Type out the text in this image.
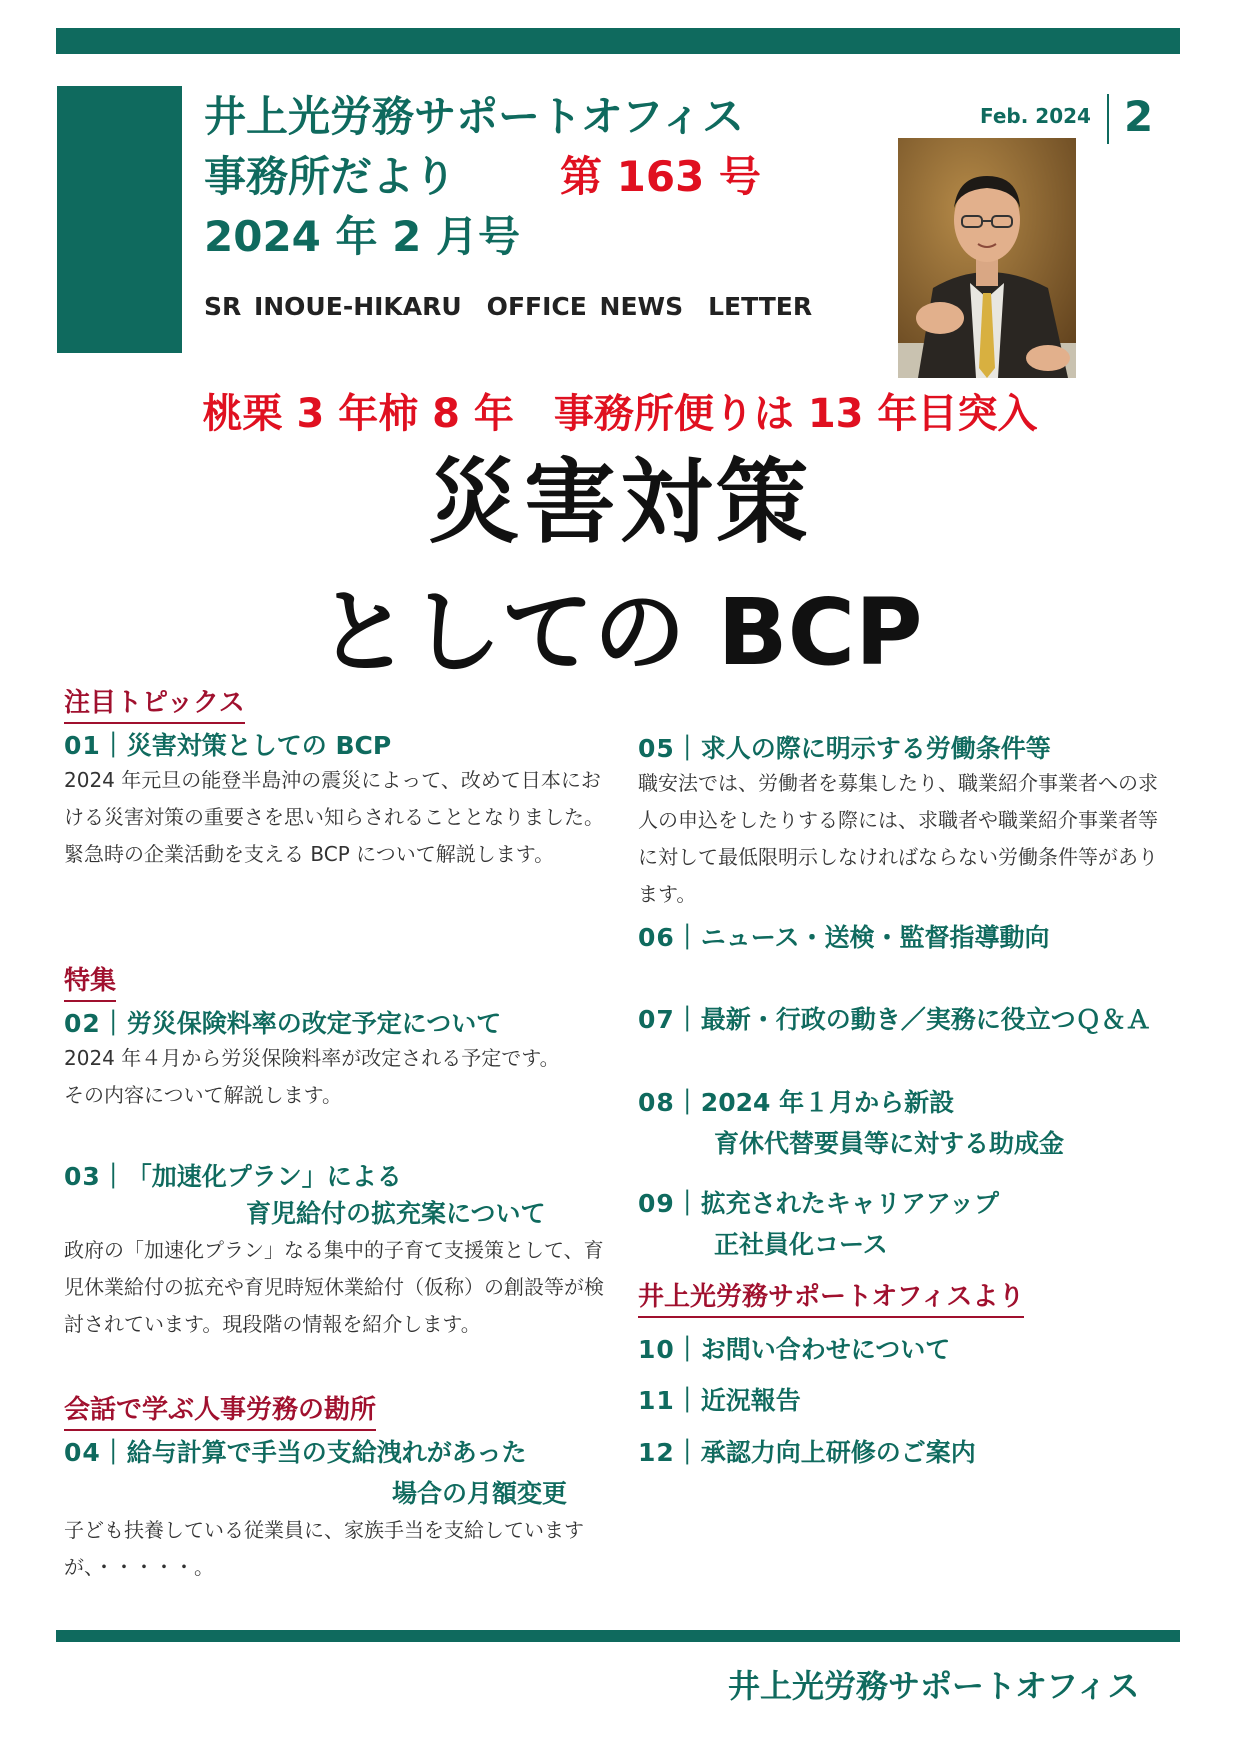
井上光労務サポートオフィス
事務所だより 第 163 号
2024 年 2 月号
SR INOUE-HIKARU　OFFICE NEWS　LETTER
Feb. 2024 2
桃栗 3 年柿 8 年　事務所便りは 13 年目突入
災害対策
としての BCP
注目トピックス
01｜災害対策としての BCP
2024 年元旦の能登半島沖の震災によって、改めて日本における災害対策の重要さを思い知らされることとなりました。緊急時の企業活動を支える BCP について解説します。
特集
02｜労災保険料率の改定予定について
2024 年４月から労災保険料率が改定される予定です。その内容について解説します。
03｜「加速化プラン」による
育児給付の拡充案について
政府の「加速化プラン」なる集中的子育て支援策として、育児休業給付の拡充や育児時短休業給付（仮称）の創設等が検討されています。現段階の情報を紹介します。
会話で学ぶ人事労務の勘所
04｜給与計算で手当の支給洩れがあった
場合の月額変更
子ども扶養している従業員に、家族手当を支給していますが、・・・・・。
05｜求人の際に明示する労働条件等
職安法では、労働者を募集したり、職業紹介事業者への求人の申込をしたりする際には、求職者や職業紹介事業者等に対して最低限明示しなければならない労働条件等があります。
06｜ニュース・送検・監督指導動向
07｜最新・行政の動き／実務に役立つＱ＆Ａ
08｜2024 年１月から新設
育休代替要員等に対する助成金
09｜拡充されたキャリアアップ
正社員化コース
井上光労務サポートオフィスより
10｜お問い合わせについて
11｜近況報告
12｜承認力向上研修のご案内
井上光労務サポートオフィス
